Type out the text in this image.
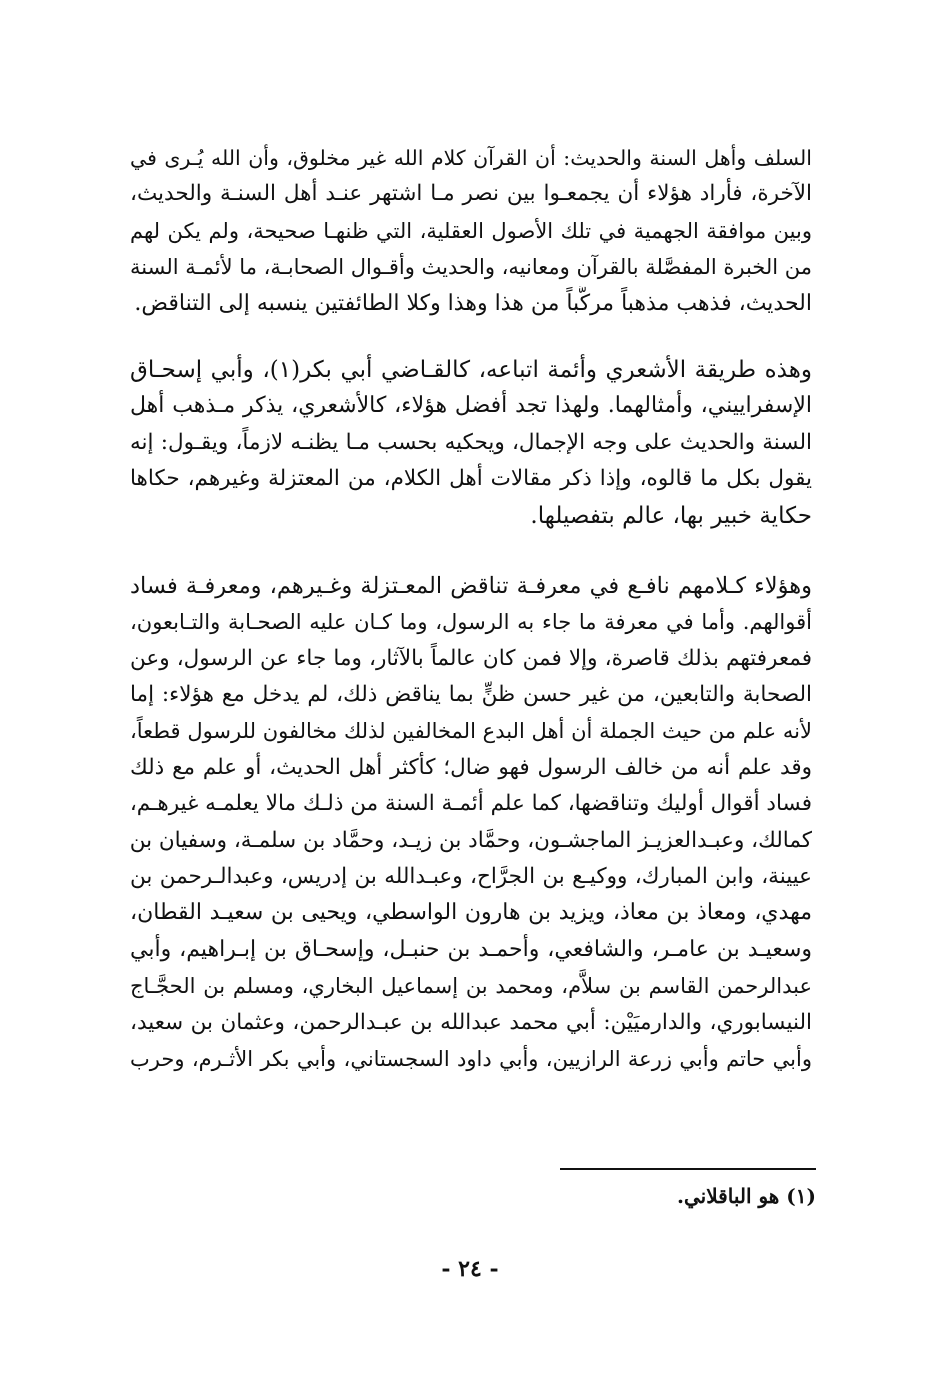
السلف وأهل السنة والحديث: أن القرآن كلام الله غير مخلوق، وأن الله يُـرى في
الآخرة، فأراد هؤلاء أن يجمعـوا بين نصر مـا اشتهر عنـد أهل السنـة والحديث،
وبين موافقة الجهمية في تلك الأصول العقلية، التي ظنهـا صحيحة، ولم يكن لهم
من الخبرة المفصَّلة بالقرآن ومعانيه، والحديث وأقـوال الصحابـة، ما لأئمـة السنة
الحديث، فذهب مذهباً مركَّباً من هذا وهذا وكلا الطائفتين ينسبه إلى التناقض.
وهذه طريقة الأشعري وأئمة اتباعه، كالقـاضي أبي بكر(١)، وأبي إسحـاق
الإسفراييني، وأمثالهما. ولهذا تجد أفضل هؤلاء، كالأشعري، يذكر مـذهب أهل
السنة والحديث على وجه الإجمال، ويحكيه بحسب مـا يظنـه لازماً، ويقـول: إنه
يقول بكل ما قالوه، وإذا ذكر مقالات أهل الكلام، من المعتزلة وغيرهم، حكاها
حكاية خبير بها، عالم بتفصيلها.
وهؤلاء كـلامهم نافـع في معرفـة تناقض المعـتزلة وغـيرهم، ومعرفـة فساد
أقوالهم. وأما في معرفة ما جاء به الرسول، وما كـان عليه الصحـابة والتـابعون،
فمعرفتهم بذلك قاصرة، وإلا فمن كان عالماً بالآثار، وما جاء عن الرسول، وعن
الصحابة والتابعين، من غير حسن ظنٍّ بما يناقض ذلك، لم يدخل مع هؤلاء: إما
لأنه علم من حيث الجملة أن أهل البدع المخالفين لذلك مخالفون للرسول قطعاً،
وقد علم أنه من خالف الرسول فهو ضال؛ كأكثر أهل الحديث، أو علم مع ذلك
فساد أقوال أوليك وتناقضها، كما علم أئمـة السنة من ذلـك مالا يعلمـه غيرهـم،
كمالك، وعبـدالعزيـز الماجشـون، وحمَّاد بن زيـد، وحمَّاد بن سلمـة، وسفيان بن
عيينة، وابن المبارك، ووكيـع بن الجرَّاح، وعبـدالله بن إدريس، وعبدالـرحمن بن
مهدي، ومعاذ بن معاذ، ويزيد بن هارون الواسطي، ويحيى بن سعيـد القطان،
وسعيـد بن عامـر، والشافعي، وأحمـد بن حنبـل، وإسحـاق بن إبـراهيم، وأبي
عبدالرحمن القاسم بن سلاَّم، ومحمد بن إسماعيل البخاري، ومسلم بن الحجَّـاج
النيسابوري، والدارميَيْن: أبي محمد عبدالله بن عبـدالرحمن، وعثمان بن سعيد،
وأبي حاتم وأبي زرعة الرازيين، وأبي داود السجستاني، وأبي بكر الأثـرم، وحرب
(١) هو الباقلاني.
- ٢٤ -
